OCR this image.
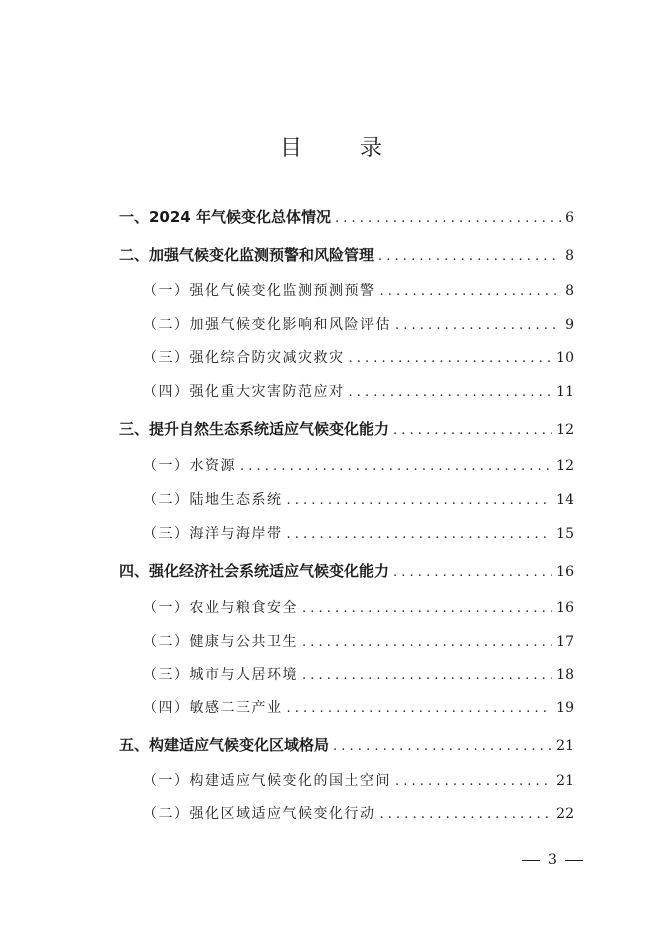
目　录
一、2024 年气候变化总体情况 . . .	6
二、加强气候变化监测预警和风险管理 . . .	8
（一）强化气候变化监测预测预警 . . .	8
（二）加强气候变化影响和风险评估 . . .	9
（三）强化综合防灾减灾救灾 . . .	10
（四）强化重大灾害防范应对 . . .	11
三、提升自然生态系统适应气候变化能力 . . .	12
（一）水资源 . . .	12
（二）陆地生态系统 . . .	14
（三）海洋与海岸带 . . .	15
四、强化经济社会系统适应气候变化能力 . . .	16
（一）农业与粮食安全 . . .	16
（二）健康与公共卫生 . . .	17
（三）城市与人居环境 . . .	18
（四）敏感二三产业 . . .	19
五、构建适应气候变化区域格局 . . .	21
（一）构建适应气候变化的国土空间 . . .	21
（二）强化区域适应气候变化行动 . . .	22
3
